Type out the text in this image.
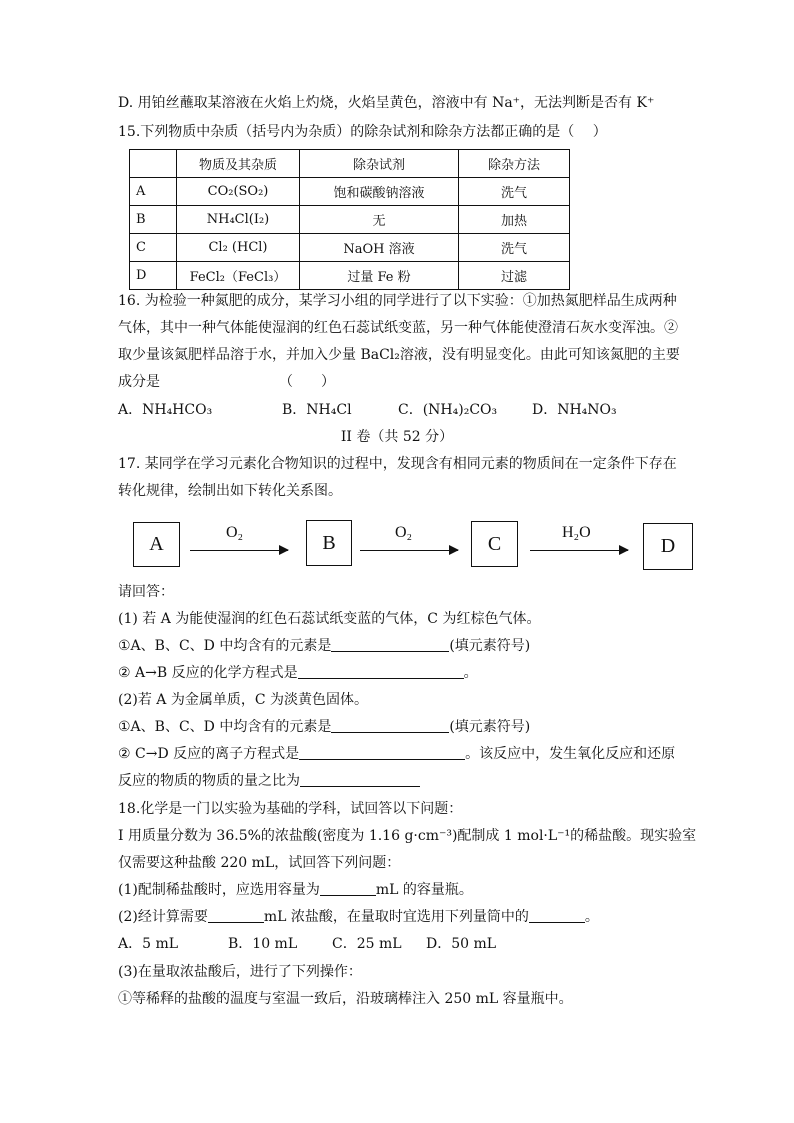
D. 用铂丝蘸取某溶液在火焰上灼烧，火焰呈黄色，溶液中有 Na⁺，无法判断是否有 K⁺
15.下列物质中杂质（括号内为杂质）的除杂试剂和除杂方法都正确的是（　 ）
	物质及其杂质	除杂试剂	除杂方法
A	CO₂(SO₂)	饱和碳酸钠溶液	洗气
B	NH₄Cl(I₂)	无	加热
C	Cl₂ (HCl)	NaOH 溶液	洗气
D	FeCl₂（FeCl₃）	过量 Fe 粉	过滤
16. 为检验一种氮肥的成分，某学习小组的同学进行了以下实验：①加热氮肥样品生成两种
气体，其中一种气体能使湿润的红色石蕊试纸变蓝，另一种气体能使澄清石灰水变浑浊。②
取少量该氮肥样品溶于水，并加入少量 BaCl₂溶液，没有明显变化。由此可知该氮肥的主要
成分是　　　　　　　　　（　　）
A．NH₄HCO₃	B．NH₄Cl	C．(NH₄)₂CO₃ D．NH₄NO₃
II 卷（共 52 分）
17. 某同学在学习元素化合物知识的过程中，发现含有相同元素的物质间在一定条件下存在
转化规律，绘制出如下转化关系图。
A
O₂	B	O₂
C
H₂O
D
请回答：
(1) 若 A 为能使湿润的红色石蕊试纸变蓝的气体，C 为红棕色气体。
①A、B、C、D 中均含有的元素是	(填元素符号)
② A→B 反应的化学方程式是	。
(2)若 A 为金属单质，C 为淡黄色固体。
①A、B、C、D 中均含有的元素是	(填元素符号)
② C→D 反应的离子方程式是	。该反应中，发生氧化反应和还原
反应的物质的物质的量之比为
18.化学是一门以实验为基础的学科，试回答以下问题：
I 用质量分数为 36.5%的浓盐酸(密度为 1.16 g·cm⁻³)配制成 1 mol·L⁻¹的稀盐酸。现实验室
仅需要这种盐酸 220 mL，试回答下列问题：
(1)配制稀盐酸时，应选用容量为	mL 的容量瓶。
(2)经计算需要	mL 浓盐酸，在量取时宜选用下列量筒中的	。
A．5 mL	B．10 mL C．25 mL D．50 mL
(3)在量取浓盐酸后，进行了下列操作：
①等稀释的盐酸的温度与室温一致后，沿玻璃棒注入 250 mL 容量瓶中。
